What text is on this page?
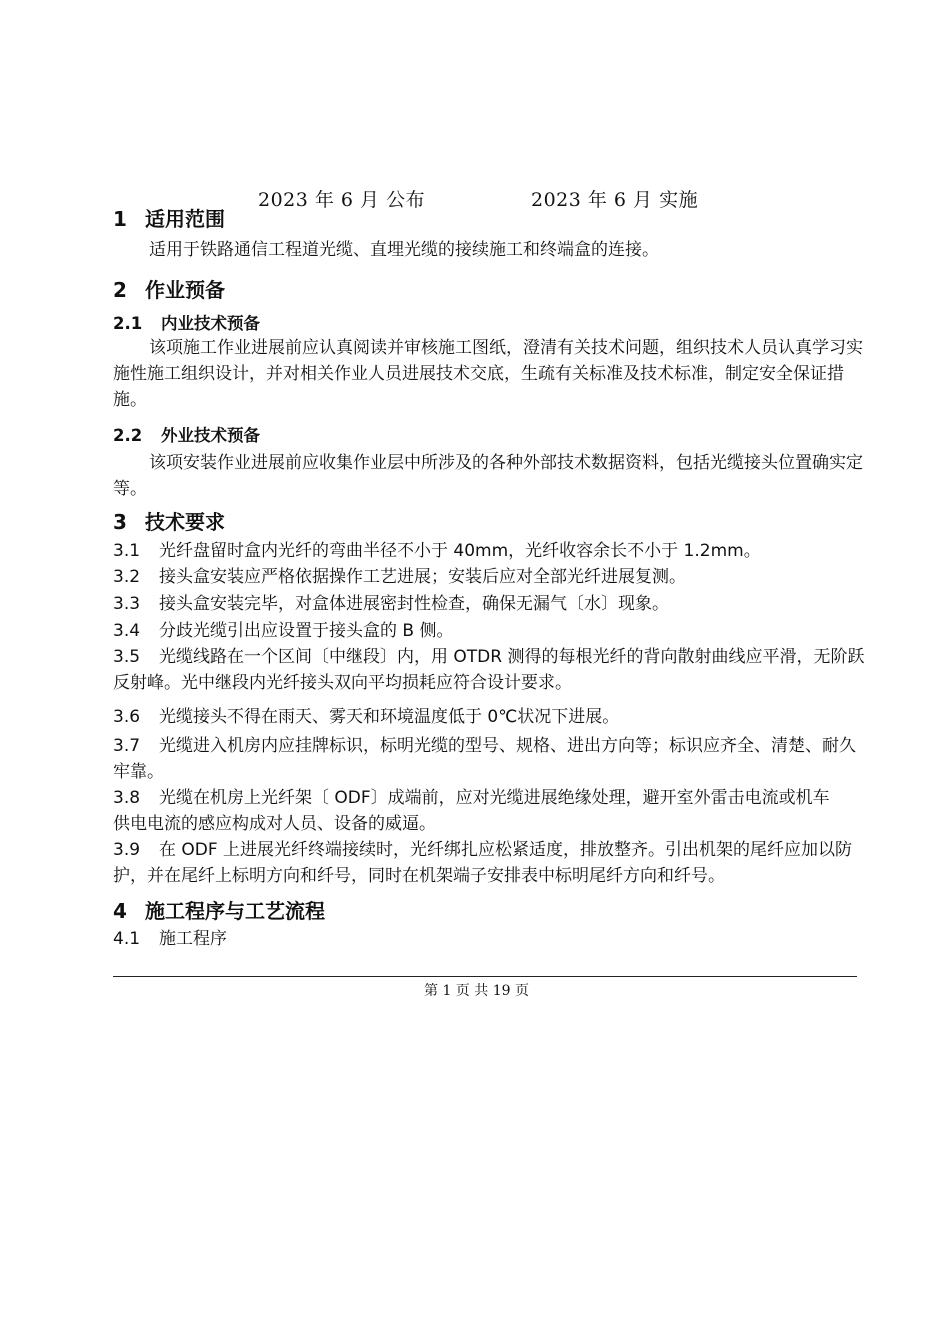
2023 年 6 月 公布	2023 年 6 月 实施
1 适用范围
适用于铁路通信工程道光缆、直埋光缆的接续施工和终端盒的连接。
2 作业预备
2.1 内业技术预备
该项施工作业进展前应认真阅读并审核施工图纸，澄清有关技术问题，组织技术人员认真学习实施性施工组织设计，并对相关作业人员进展技术交底，生疏有关标准及技术标准，制定安全保证措施。
2.2 外业技术预备
该项安装作业进展前应收集作业层中所涉及的各种外部技术数据资料，包括光缆接头位置确实定等。
3 技术要求
3.1 光纤盘留时盒内光纤的弯曲半径不小于 40mm，光纤收容余长不小于 1.2mm。
3.2 接头盒安装应严格依据操作工艺进展；安装后应对全部光纤进展复测。
3.3 接头盒安装完毕，对盒体进展密封性检查，确保无漏气〔水〕现象。
3.4 分歧光缆引出应设置于接头盒的 B 侧。
3.5 光缆线路在一个区间〔中继段〕内，用 OTDR 测得的每根光纤的背向散射曲线应平滑，无阶跃反射峰。光中继段内光纤接头双向平均损耗应符合设计要求。
3.6 光缆接头不得在雨天、雾天和环境温度低于 0℃状况下进展。
3.7 光缆进入机房内应挂牌标识，标明光缆的型号、规格、进出方向等；标识应齐全、清楚、耐久牢靠。
3.8 光缆在机房上光纤架〔 ODF〕成端前，应对光缆进展绝缘处理，避开室外雷击电流或机车供电电流的感应构成对人员、设备的威逼。
3.9 在 ODF 上进展光纤终端接续时，光纤绑扎应松紧适度，排放整齐。引出机架的尾纤应加以防护，并在尾纤上标明方向和纤号，同时在机架端子安排表中标明尾纤方向和纤号。
4 施工程序与工艺流程
4.1 施工程序
第 1 页 共 19 页
